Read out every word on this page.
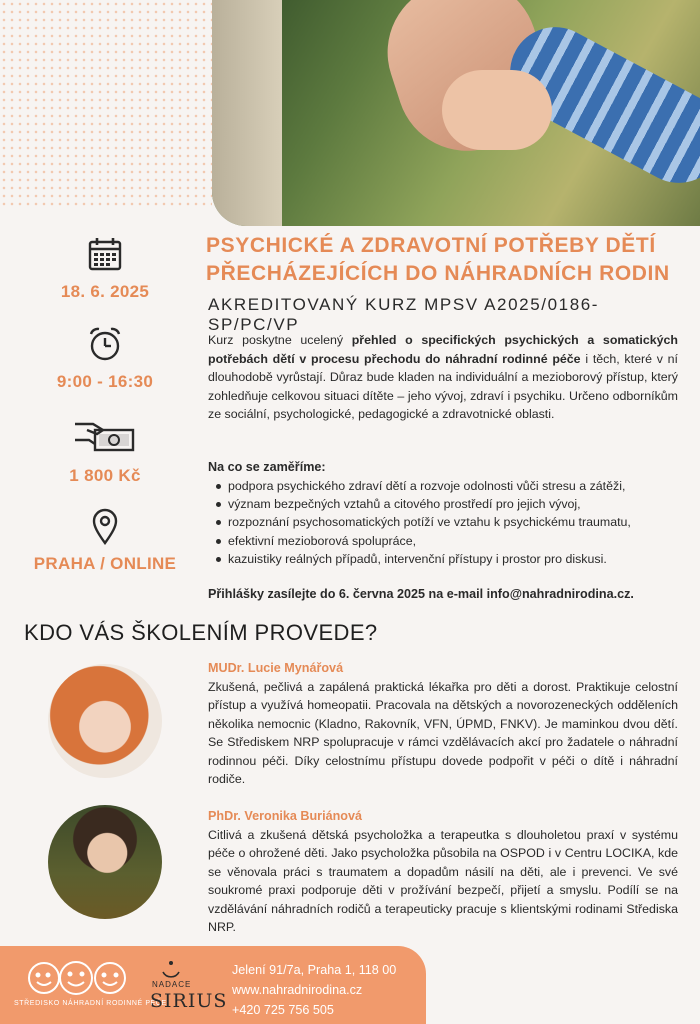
18. 6. 2025
9:00 - 16:30
1 800 Kč
PRAHA / ONLINE
PSYCHICKÉ A ZDRAVOTNÍ POTŘEBY DĚTÍ
PŘECHÁZEJÍCÍCH DO NÁHRADNÍCH RODIN
AKREDITOVANÝ KURZ MPSV A2025/0186-SP/PC/VP

Kurz poskytne ucelený přehled o specifických psychických a somatických potřebách dětí v procesu přechodu do náhradní rodinné péče i těch, které v ní dlouhodobě vyrůstají. Důraz bude kladen na individuální a mezioborový přístup, který zohledňuje celkovou situaci dítěte – jeho vývoj, zdraví i psychiku. Určeno odborníkům ze sociální, psychologické, pedagogické a zdravotnické oblasti.

Na co se zaměříme:
podpora psychického zdraví dětí a rozvoje odolnosti vůči stresu a zátěži,
význam bezpečných vztahů a citového prostředí pro jejich vývoj,
rozpoznání psychosomatických potíží ve vztahu k psychickému traumatu,
efektivní mezioborová spolupráce,
kazuistiky reálných případů, intervenční přístupy i prostor pro diskusi.
Přihlášky zasílejte do 6. června 2025 na e-mail info@nahradnirodina.cz.
KDO VÁS ŠKOLENÍM PROVEDE?
MUDr. Lucie Mynářová

Zkušená, pečlivá a zapálená praktická lékařka pro děti a dorost. Praktikuje celostní přístup a využívá homeopatii. Pracovala na dětských a novorozeneckých odděleních několika nemocnic (Kladno, Rakovník, VFN, ÚPMD, FNKV). Je maminkou dvou dětí. Se Střediskem NRP spolupracuje v rámci vzdělávacích akcí pro žadatele o náhradní rodinnou péči. Díky celostnímu přístupu dovede podpořit v péči o dítě i náhradní rodiče.

PhDr. Veronika Buriánová

Citlivá a zkušená dětská psycholožka a terapeutka s dlouholetou praxí v systému péče o ohrožené děti. Jako psycholožka působila na OSPOD i v Centru LOCIKA, kde se věnovala práci s traumatem a dopadům násilí na děti, ale i prevenci. Ve své soukromé praxi podporuje děti v prožívání bezpečí, přijetí a smyslu. Podílí se na vzdělávání náhradních rodičů a terapeuticky pracuje s klientskými rodinami Střediska NRP.

STŘEDISKO NÁHRADNÍ RODINNÉ PÉČE
NADACE
SIRIUS
Jelení 91/7a, Praha 1, 118 00
www.nahradnirodina.cz
+420 725 756 505
